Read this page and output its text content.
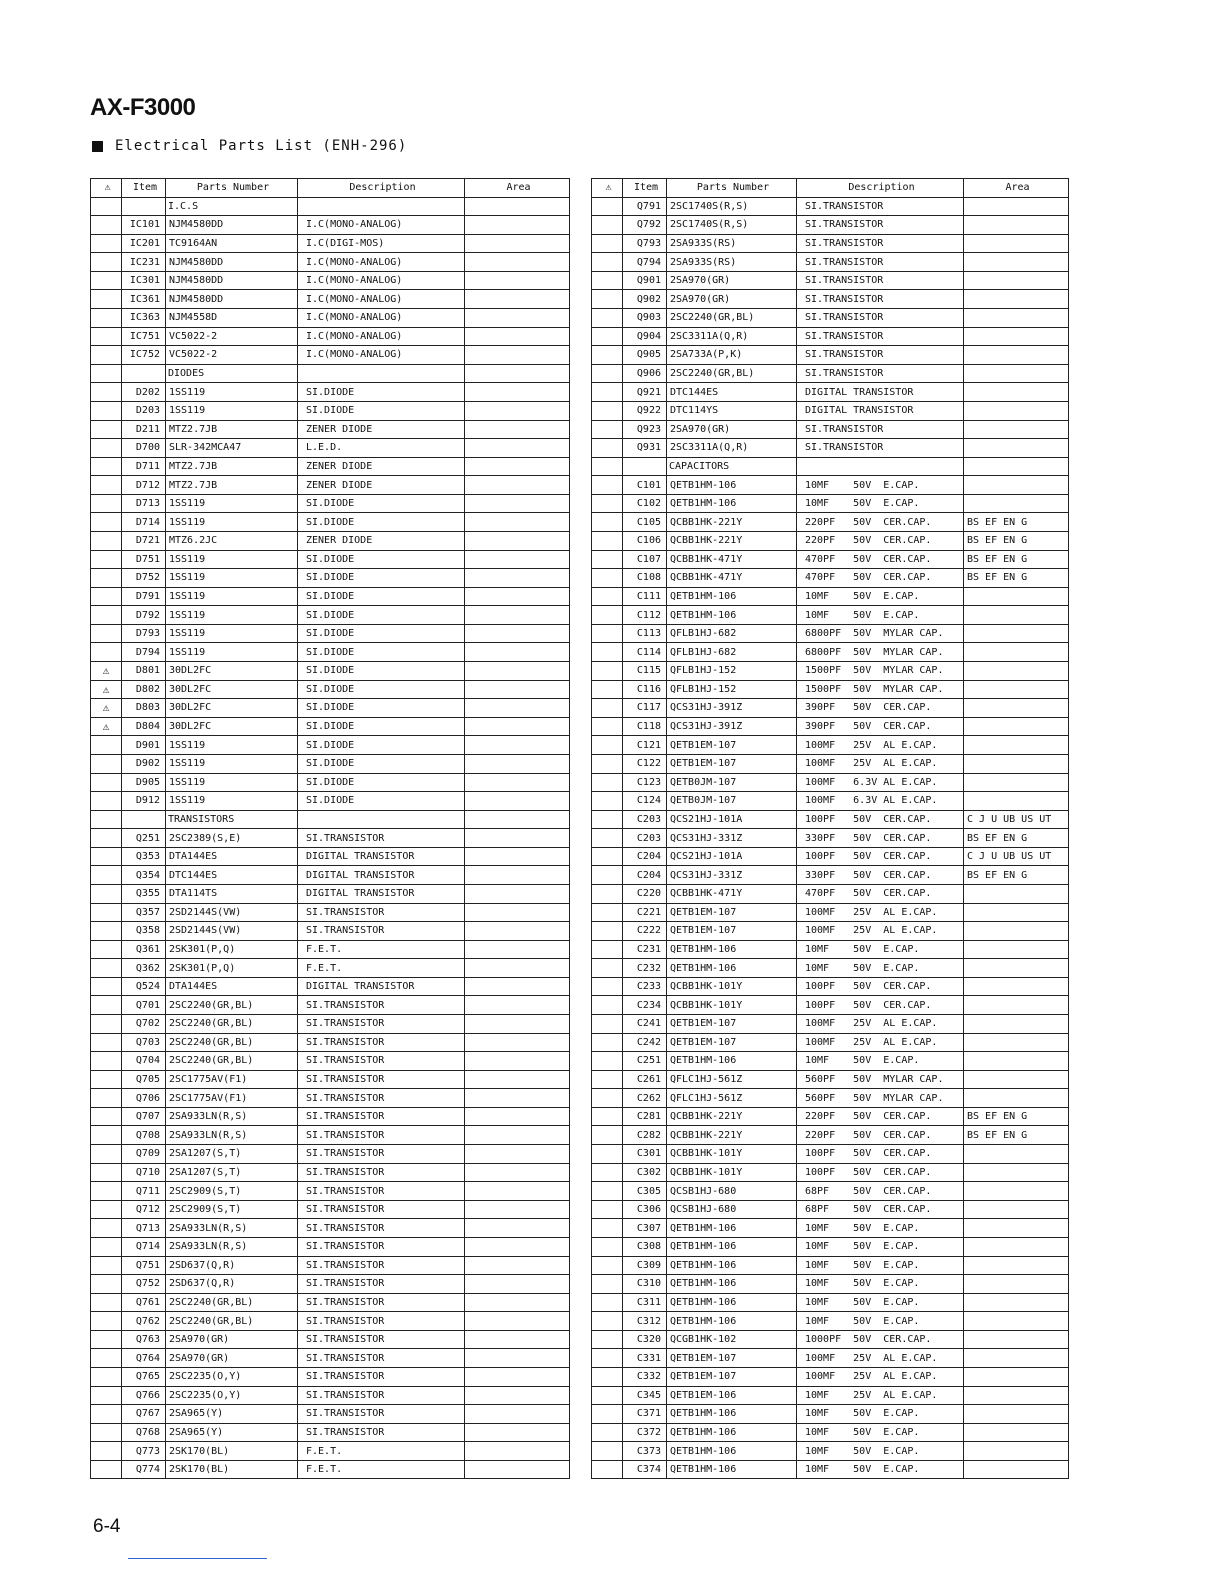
AX-F3000
Electrical Parts List (ENH-296)
⚠	Item	Parts Number	Description	Area
		I.C.S		
	IC101	NJM4580DD	I.C(MONO-ANALOG)	
	IC201	TC9164AN	I.C(DIGI-MOS)	
	IC231	NJM4580DD	I.C(MONO-ANALOG)	
	IC301	NJM4580DD	I.C(MONO-ANALOG)	
	IC361	NJM4580DD	I.C(MONO-ANALOG)	
	IC363	NJM4558D	I.C(MONO-ANALOG)	
	IC751	VC5022-2	I.C(MONO-ANALOG)	
	IC752	VC5022-2	I.C(MONO-ANALOG)	
		DIODES		
	D202	1SS119	SI.DIODE	
	D203	1SS119	SI.DIODE	
	D211	MTZ2.7JB	ZENER DIODE	
	D700	SLR-342MCA47	L.E.D.	
	D711	MTZ2.7JB	ZENER DIODE	
	D712	MTZ2.7JB	ZENER DIODE	
	D713	1SS119	SI.DIODE	
	D714	1SS119	SI.DIODE	
	D721	MTZ6.2JC	ZENER DIODE	
	D751	1SS119	SI.DIODE	
	D752	1SS119	SI.DIODE	
	D791	1SS119	SI.DIODE	
	D792	1SS119	SI.DIODE	
	D793	1SS119	SI.DIODE	
	D794	1SS119	SI.DIODE	
⚠	D801	30DL2FC	SI.DIODE	
⚠	D802	30DL2FC	SI.DIODE	
⚠	D803	30DL2FC	SI.DIODE	
⚠	D804	30DL2FC	SI.DIODE	
	D901	1SS119	SI.DIODE	
	D902	1SS119	SI.DIODE	
	D905	1SS119	SI.DIODE	
	D912	1SS119	SI.DIODE	
		TRANSISTORS		
	Q251	2SC2389(S,E)	SI.TRANSISTOR	
	Q353	DTA144ES	DIGITAL TRANSISTOR	
	Q354	DTC144ES	DIGITAL TRANSISTOR	
	Q355	DTA114TS	DIGITAL TRANSISTOR	
	Q357	2SD2144S(VW)	SI.TRANSISTOR	
	Q358	2SD2144S(VW)	SI.TRANSISTOR	
	Q361	2SK301(P,Q)	F.E.T.	
	Q362	2SK301(P,Q)	F.E.T.	
	Q524	DTA144ES	DIGITAL TRANSISTOR	
	Q701	2SC2240(GR,BL)	SI.TRANSISTOR	
	Q702	2SC2240(GR,BL)	SI.TRANSISTOR	
	Q703	2SC2240(GR,BL)	SI.TRANSISTOR	
	Q704	2SC2240(GR,BL)	SI.TRANSISTOR	
	Q705	2SC1775AV(F1)	SI.TRANSISTOR	
	Q706	2SC1775AV(F1)	SI.TRANSISTOR	
	Q707	2SA933LN(R,S)	SI.TRANSISTOR	
	Q708	2SA933LN(R,S)	SI.TRANSISTOR	
	Q709	2SA1207(S,T)	SI.TRANSISTOR	
	Q710	2SA1207(S,T)	SI.TRANSISTOR	
	Q711	2SC2909(S,T)	SI.TRANSISTOR	
	Q712	2SC2909(S,T)	SI.TRANSISTOR	
	Q713	2SA933LN(R,S)	SI.TRANSISTOR	
	Q714	2SA933LN(R,S)	SI.TRANSISTOR	
	Q751	2SD637(Q,R)	SI.TRANSISTOR	
	Q752	2SD637(Q,R)	SI.TRANSISTOR	
	Q761	2SC2240(GR,BL)	SI.TRANSISTOR	
	Q762	2SC2240(GR,BL)	SI.TRANSISTOR	
	Q763	2SA970(GR)	SI.TRANSISTOR	
	Q764	2SA970(GR)	SI.TRANSISTOR	
	Q765	2SC2235(O,Y)	SI.TRANSISTOR	
	Q766	2SC2235(O,Y)	SI.TRANSISTOR	
	Q767	2SA965(Y)	SI.TRANSISTOR	
	Q768	2SA965(Y)	SI.TRANSISTOR	
	Q773	2SK170(BL)	F.E.T.	
	Q774	2SK170(BL)	F.E.T.	
⚠	Item	Parts Number	Description	Area
	Q791	2SC1740S(R,S)	SI.TRANSISTOR	
	Q792	2SC1740S(R,S)	SI.TRANSISTOR	
	Q793	2SA933S(RS)	SI.TRANSISTOR	
	Q794	2SA933S(RS)	SI.TRANSISTOR	
	Q901	2SA970(GR)	SI.TRANSISTOR	
	Q902	2SA970(GR)	SI.TRANSISTOR	
	Q903	2SC2240(GR,BL)	SI.TRANSISTOR	
	Q904	2SC3311A(Q,R)	SI.TRANSISTOR	
	Q905	2SA733A(P,K)	SI.TRANSISTOR	
	Q906	2SC2240(GR,BL)	SI.TRANSISTOR	
	Q921	DTC144ES	DIGITAL TRANSISTOR	
	Q922	DTC114YS	DIGITAL TRANSISTOR	
	Q923	2SA970(GR)	SI.TRANSISTOR	
	Q931	2SC3311A(Q,R)	SI.TRANSISTOR	
		CAPACITORS		
	C101	QETB1HM-106	10MF    50V  E.CAP.	
	C102	QETB1HM-106	10MF    50V  E.CAP.	
	C105	QCBB1HK-221Y	220PF   50V  CER.CAP.	BS EF EN G
	C106	QCBB1HK-221Y	220PF   50V  CER.CAP.	BS EF EN G
	C107	QCBB1HK-471Y	470PF   50V  CER.CAP.	BS EF EN G
	C108	QCBB1HK-471Y	470PF   50V  CER.CAP.	BS EF EN G
	C111	QETB1HM-106	10MF    50V  E.CAP.	
	C112	QETB1HM-106	10MF    50V  E.CAP.	
	C113	QFLB1HJ-682	6800PF  50V  MYLAR CAP.	
	C114	QFLB1HJ-682	6800PF  50V  MYLAR CAP.	
	C115	QFLB1HJ-152	1500PF  50V  MYLAR CAP.	
	C116	QFLB1HJ-152	1500PF  50V  MYLAR CAP.	
	C117	QCS31HJ-391Z	390PF   50V  CER.CAP.	
	C118	QCS31HJ-391Z	390PF   50V  CER.CAP.	
	C121	QETB1EM-107	100MF   25V  AL E.CAP.	
	C122	QETB1EM-107	100MF   25V  AL E.CAP.	
	C123	QETB0JM-107	100MF   6.3V AL E.CAP.	
	C124	QETB0JM-107	100MF   6.3V AL E.CAP.	
	C203	QCS21HJ-101A	100PF   50V  CER.CAP.	C J U UB US UT
	C203	QCS31HJ-331Z	330PF   50V  CER.CAP.	BS EF EN G
	C204	QCS21HJ-101A	100PF   50V  CER.CAP.	C J U UB US UT
	C204	QCS31HJ-331Z	330PF   50V  CER.CAP.	BS EF EN G
	C220	QCBB1HK-471Y	470PF   50V  CER.CAP.	
	C221	QETB1EM-107	100MF   25V  AL E.CAP.	
	C222	QETB1EM-107	100MF   25V  AL E.CAP.	
	C231	QETB1HM-106	10MF    50V  E.CAP.	
	C232	QETB1HM-106	10MF    50V  E.CAP.	
	C233	QCBB1HK-101Y	100PF   50V  CER.CAP.	
	C234	QCBB1HK-101Y	100PF   50V  CER.CAP.	
	C241	QETB1EM-107	100MF   25V  AL E.CAP.	
	C242	QETB1EM-107	100MF   25V  AL E.CAP.	
	C251	QETB1HM-106	10MF    50V  E.CAP.	
	C261	QFLC1HJ-561Z	560PF   50V  MYLAR CAP.	
	C262	QFLC1HJ-561Z	560PF   50V  MYLAR CAP.	
	C281	QCBB1HK-221Y	220PF   50V  CER.CAP.	BS EF EN G
	C282	QCBB1HK-221Y	220PF   50V  CER.CAP.	BS EF EN G
	C301	QCBB1HK-101Y	100PF   50V  CER.CAP.	
	C302	QCBB1HK-101Y	100PF   50V  CER.CAP.	
	C305	QCSB1HJ-680	68PF    50V  CER.CAP.	
	C306	QCSB1HJ-680	68PF    50V  CER.CAP.	
	C307	QETB1HM-106	10MF    50V  E.CAP.	
	C308	QETB1HM-106	10MF    50V  E.CAP.	
	C309	QETB1HM-106	10MF    50V  E.CAP.	
	C310	QETB1HM-106	10MF    50V  E.CAP.	
	C311	QETB1HM-106	10MF    50V  E.CAP.	
	C312	QETB1HM-106	10MF    50V  E.CAP.	
	C320	QCGB1HK-102	1000PF  50V  CER.CAP.	
	C331	QETB1EM-107	100MF   25V  AL E.CAP.	
	C332	QETB1EM-107	100MF   25V  AL E.CAP.	
	C345	QETB1EM-106	10MF    25V  AL E.CAP.	
	C371	QETB1HM-106	10MF    50V  E.CAP.	
	C372	QETB1HM-106	10MF    50V  E.CAP.	
	C373	QETB1HM-106	10MF    50V  E.CAP.	
	C374	QETB1HM-106	10MF    50V  E.CAP.	
6-4
